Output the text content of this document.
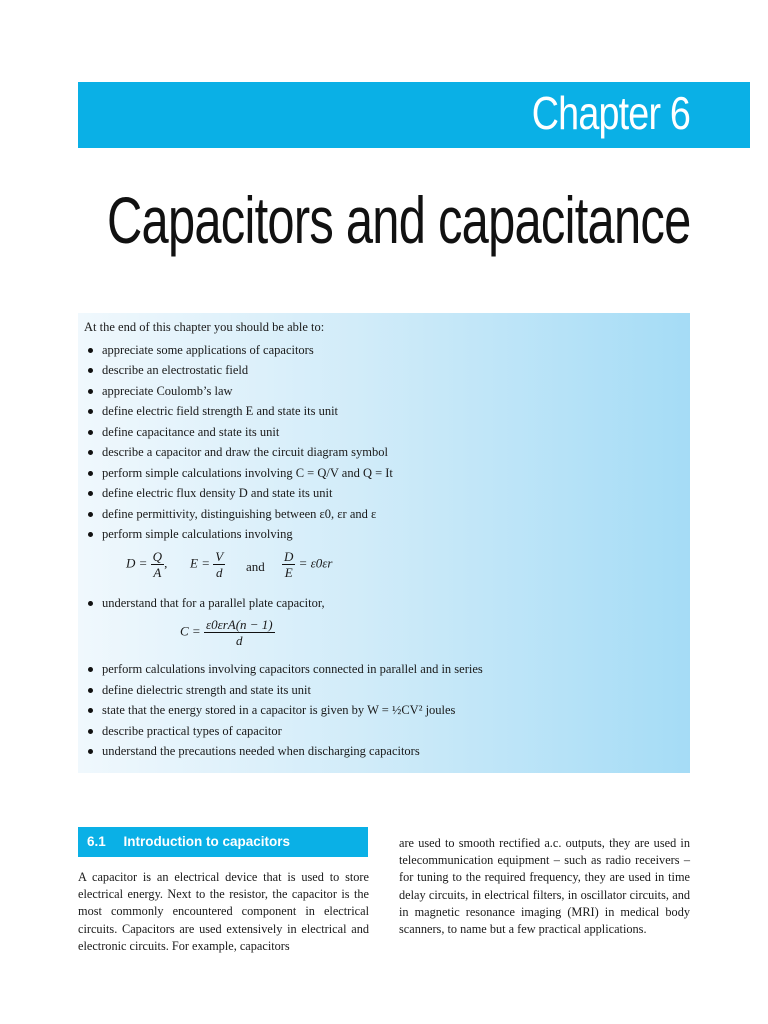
Chapter 6
Capacitors and capacitance

At the end of this chapter you should be able to:

appreciate some applications of capacitors
describe an electrostatic field
appreciate Coulomb’s law
define electric field strength E and state its unit
define capacitance and state its unit
describe a capacitor and draw the circuit diagram symbol
perform simple calculations involving C = Q/V and Q = It
define electric flux density D and state its unit
define permittivity, distinguishing between ε0, εr and ε
perform simple calculations involving
$D = \frac{Q}{A}$ , $E = \frac{V}{d}$ and $\frac{D}{E} = \varepsilon 0\varepsilon r$
understand that for a parallel plate capacitor,
$C = \frac{\text{ε0εrA(n − 1)}}{d}$
perform calculations involving capacitors connected in parallel and in series
define dielectric strength and state its unit
state that the energy stored in a capacitor is given by W = ½CV² joules
describe practical types of capacitor
understand the precautions needed when discharging capacitors
6.1 Introduction to capacitors

A capacitor is an electrical device that is used to store electrical energy. Next to the resistor, the capacitor is the most commonly encountered component in electrical circuits. Capacitors are used extensively in electrical and electronic circuits. For example, capacitors

are used to smooth rectified a.c. outputs, they are used in telecommunication equipment – such as radio receivers – for tuning to the required frequency, they are used in time delay circuits, in electrical filters, in oscillator circuits, and in magnetic resonance imaging (MRI) in medical body scanners, to name but a few practical applications.
